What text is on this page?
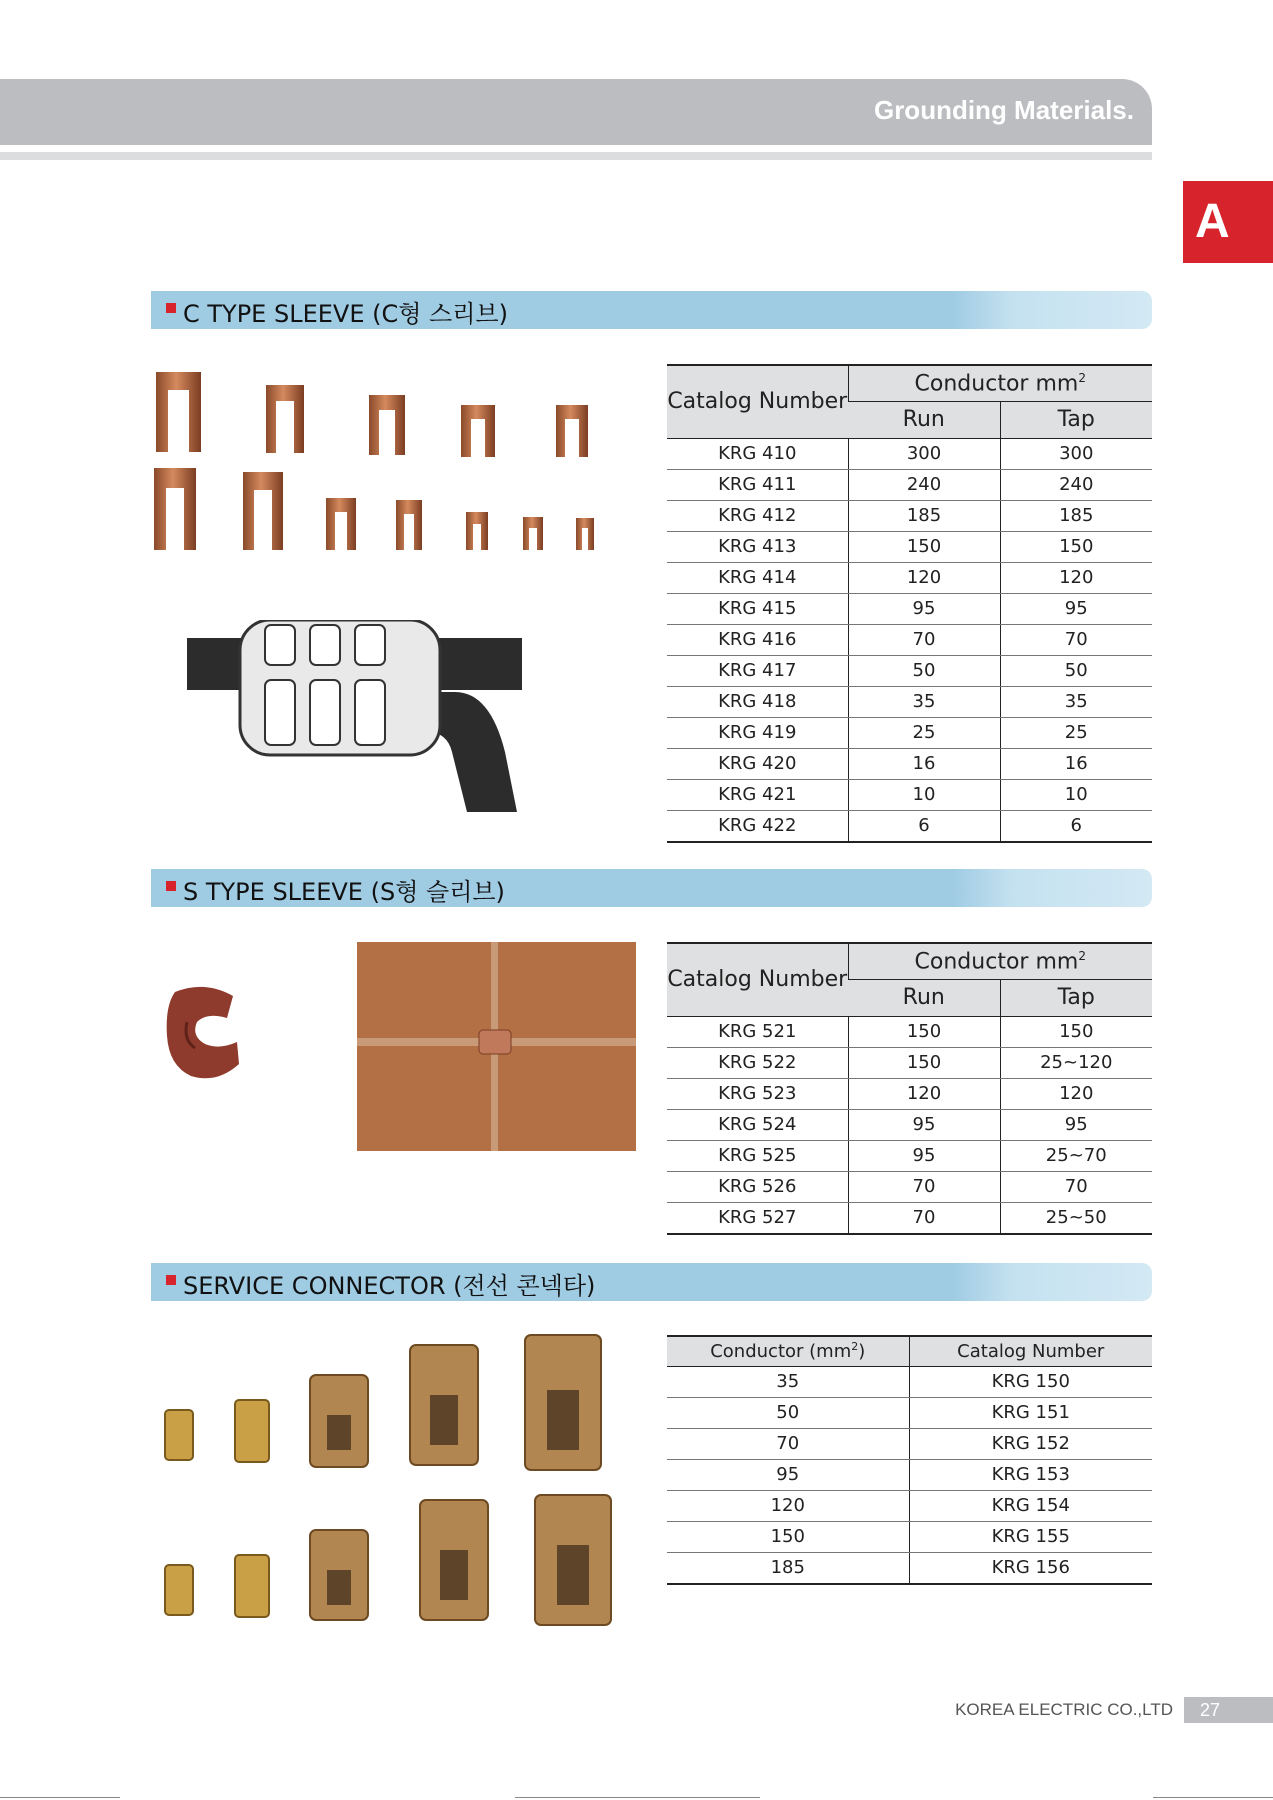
Grounding Materials.
A
C TYPE SLEEVE (C형 스리브)
Catalog Number	Conductor $mm^2$
	Run	Tap
KRG 410	300	300
KRG 411	240	240
KRG 412	185	185
KRG 413	150	150
KRG 414	120	120
KRG 415	95	95
KRG 416	70	70
KRG 417	50	50
KRG 418	35	35
KRG 419	25	25
KRG 420	16	16
KRG 421	10	10
KRG 422	6	6
S TYPE SLEEVE (S형 슬리브)
Catalog Number	Conductor $mm^2$
	Run	Tap
KRG 521	150	150
KRG 522	150	25~120
KRG 523	120	120
KRG 524	95	95
KRG 525	95	25~70
KRG 526	70	70
KRG 527	70	25~50
SERVICE CONNECTOR (전선 콘넥타)
Conductor $(mm^2)$	Catalog Number
35	KRG 150
50	KRG 151
70	KRG 152
95	KRG 153
120	KRG 154
150	KRG 155
185	KRG 156
KOREA ELECTRIC CO.,LTD	27
